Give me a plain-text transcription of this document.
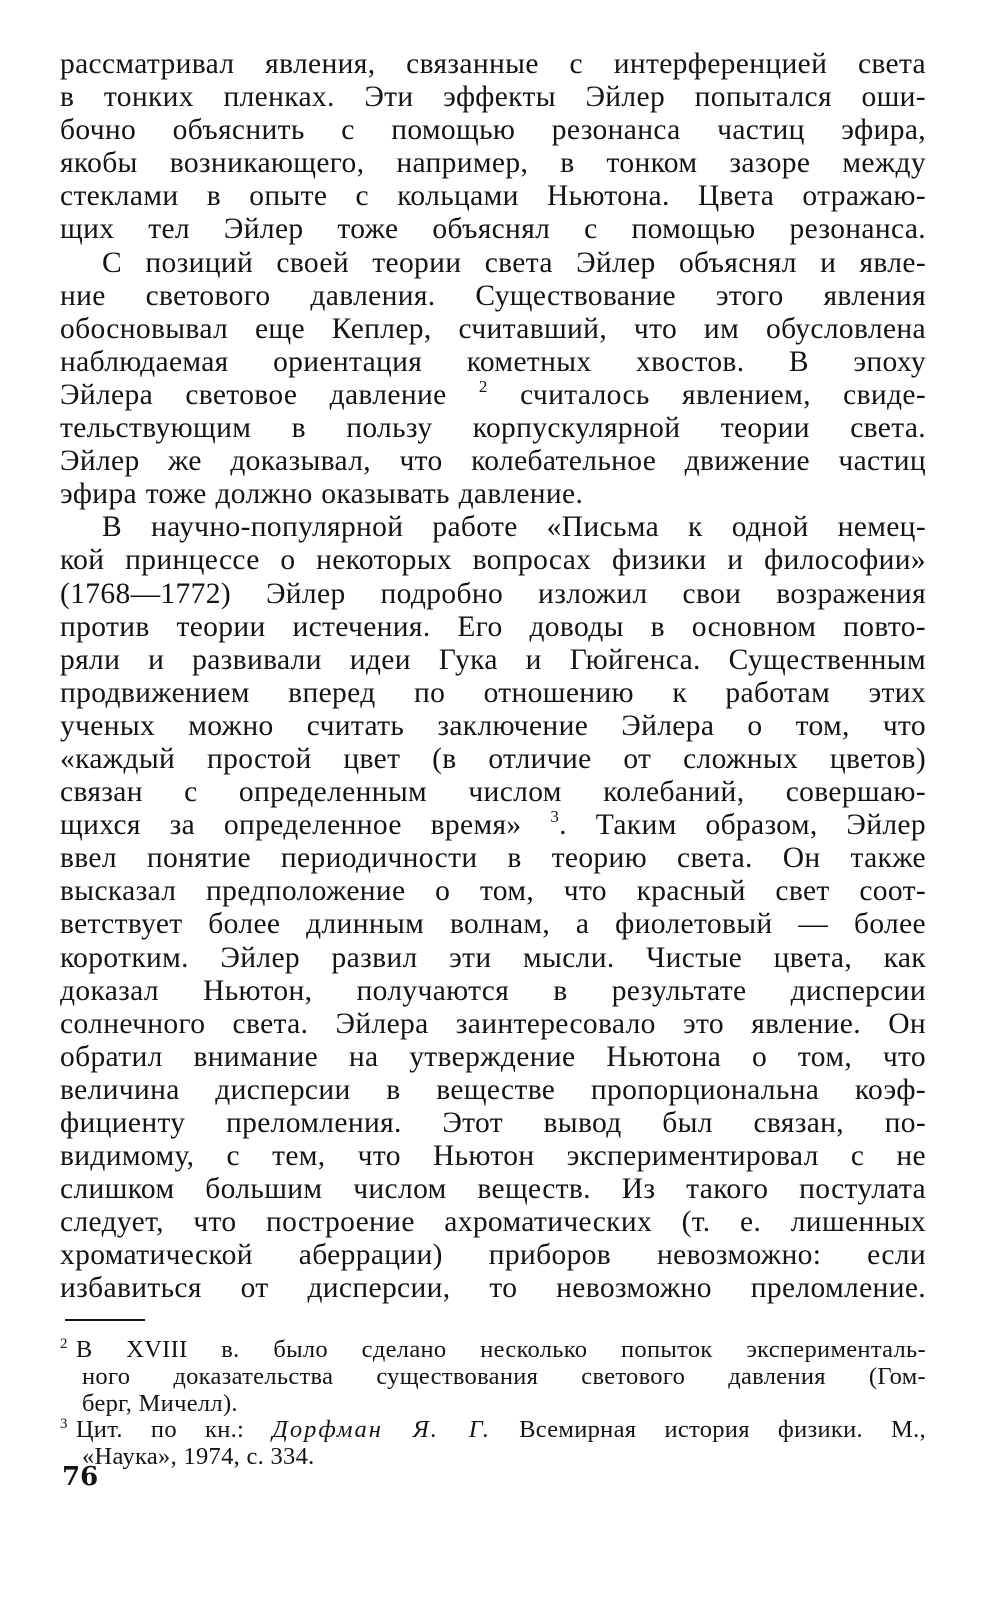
рассматривал явления, связанные с интерференцией света
в тонких пленках. Эти эффекты Эйлер попытался оши-
бочно объяснить с помощью резонанса частиц эфира,
якобы возникающего, например, в тонком зазоре между
стеклами в опыте с кольцами Ньютона. Цвета отражаю-
щих тел Эйлер тоже объяснял с помощью резонанса.
С позиций своей теории света Эйлер объяснял и явле-
ние светового давления. Существование этого явления
обосновывал еще Кеплер, считавший, что им обусловлена
наблюдаемая ориентация кометных хвостов. В эпоху
Эйлера световое давление $^2$ считалось явлением, свиде-
тельствующим в пользу корпускулярной теории света.
Эйлер же доказывал, что колебательное движение частиц
эфира тоже должно оказывать давление.
В научно-популярной работе «Письма к одной немец-
кой принцессе о некоторых вопросах физики и философии»
(1768—1772) Эйлер подробно изложил свои возражения
против теории истечения. Его доводы в основном повто-
ряли и развивали идеи Гука и Гюйгенса. Существенным
продвижением вперед по отношению к работам этих
ученых можно считать заключение Эйлера о том, что
«каждый простой цвет (в отличие от сложных цветов)
связан с определенным числом колебаний, совершаю-
щихся за определенное время» $^3$. Таким образом, Эйлер
ввел понятие периодичности в теорию света. Он также
высказал предположение о том, что красный свет соот-
ветствует более длинным волнам, а фиолетовый — более
коротким. Эйлер развил эти мысли. Чистые цвета, как
доказал Ньютон, получаются в результате дисперсии
солнечного света. Эйлера заинтересовало это явление. Он
обратил внимание на утверждение Ньютона о том, что
величина дисперсии в веществе пропорциональна коэф-
фициенту преломления. Этот вывод был связан, по-
видимому, с тем, что Ньютон экспериментировал с не
слишком большим числом веществ. Из такого постулата
следует, что построение ахроматических (т. е. лишенных
хроматической аберрации) приборов невозможно: если
избавиться от дисперсии, то невозможно преломление.
$^2$ В XVIII в. было сделано несколько попыток эксперименталь-
ного доказательства существования светового давления (Гом-
берг, Мичелл).
$^3$ Цит. по кн.: Дорфман Я. Г. Всемирная история физики. М.,
«Наука», 1974, с. 334.
76
